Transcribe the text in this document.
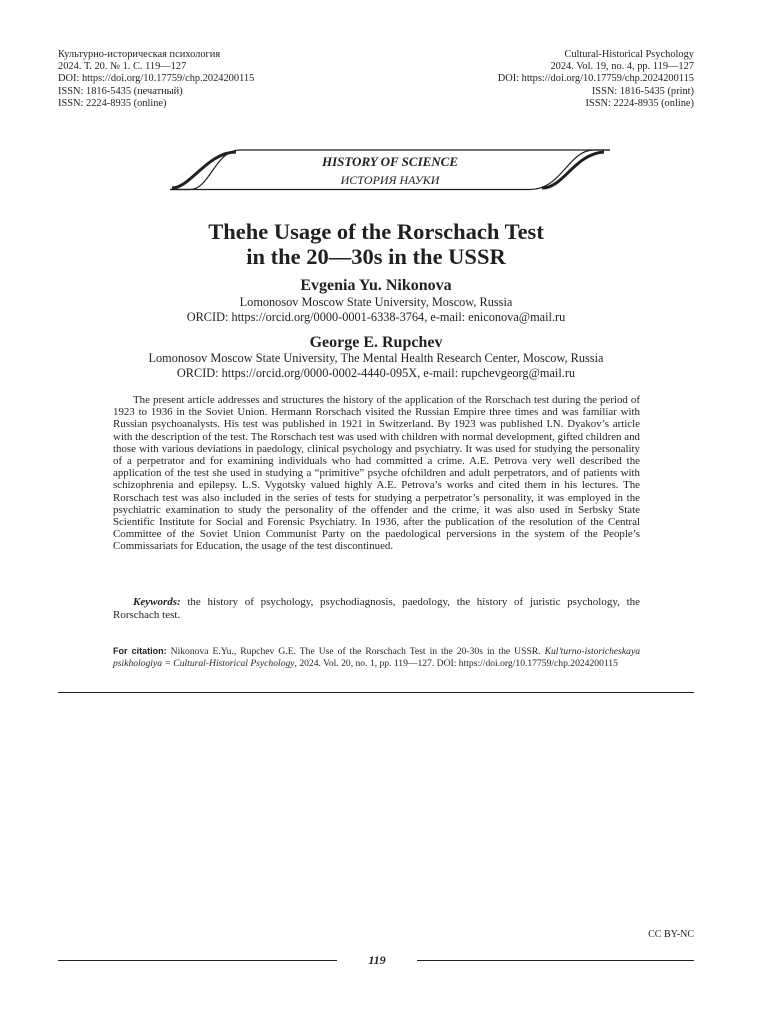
Культурно-историческая психология
2024. Т. 20. № 1. С. 119—127
DOI: https://doi.org/10.17759/chp.2024200115
ISSN: 1816-5435 (печатный)
ISSN: 2224-8935 (online)
Cultural-Historical Psychology
2024. Vol. 19, no. 4, pp. 119—127
DOI: https://doi.org/10.17759/chp.2024200115
ISSN: 1816-5435 (print)
ISSN: 2224-8935 (online)
HISTORY OF SCIENCE
ИСТОРИЯ НАУКИ
Thehe Usage of the Rorschach Test
in the 20—30s in the USSR
Evgenia Yu. Nikonova
Lomonosov Moscow State University, Moscow, Russia
ORCID: https://orcid.org/0000-0001-6338-3764, e-mail: eniconova@mail.ru
George E. Rupchev
Lomonosov Moscow State University, The Mental Health Research Center, Moscow, Russia
ORCID: https://orcid.org/0000-0002-4440-095X, e-mail: rupchevgeorg@mail.ru

The present article addresses and structures the history of the application of the Rorschach test during the period of 1923 to 1936 in the Soviet Union. Hermann Rorschach visited the Russian Empire three times and was familiar with Russian psychoanalysts. His test was published in 1921 in Switzerland. By 1923 was published I.N. Dyakov’s article with the description of the test. The Rorschach test was used with children with normal development, gifted children and those with various deviations in paedology, clinical psychology and psychiatry. It was used for studying the personality of a perpetrator and for examining individuals who had committed a crime. A.E. Petrova very well described the application of the test she used in studying a “primitive” psyche ofchildren and adult perpetrators, and of patients with schizophrenia and epilepsy. L.S. Vygotsky valued highly A.E. Petrova’s works and cited them in his lectures. The Rorschach test was also included in the series of tests for studying a perpetrator’s personality, it was employed in the psychiatric examination to study the personality of the offender and the crime, it was also used in Serbsky State Scientific Institute for Social and Forensic Psychiatry. In 1936, after the publication of the resolution of the Central Committee of the Soviet Union Communist Party on the paedological perversions in the system of the People’s Commissariats for Education, the usage of the test discontinued.

Keywords: the history of psychology, psychodiagnosis, paedology, the history of juristic psychology, the Rorschach test.

For citation: Nikonova E.Yu., Rupchev G.E. The Use of the Rorschach Test in the 20-30s in the USSR. Kul’turno-istoricheskaya psikhologiya = Cultural-Historical Psychology, 2024. Vol. 20, no. 1, pp. 119—127. DOI: https://doi.org/10.17759/chp.2024200115

CC BY-NC
119
